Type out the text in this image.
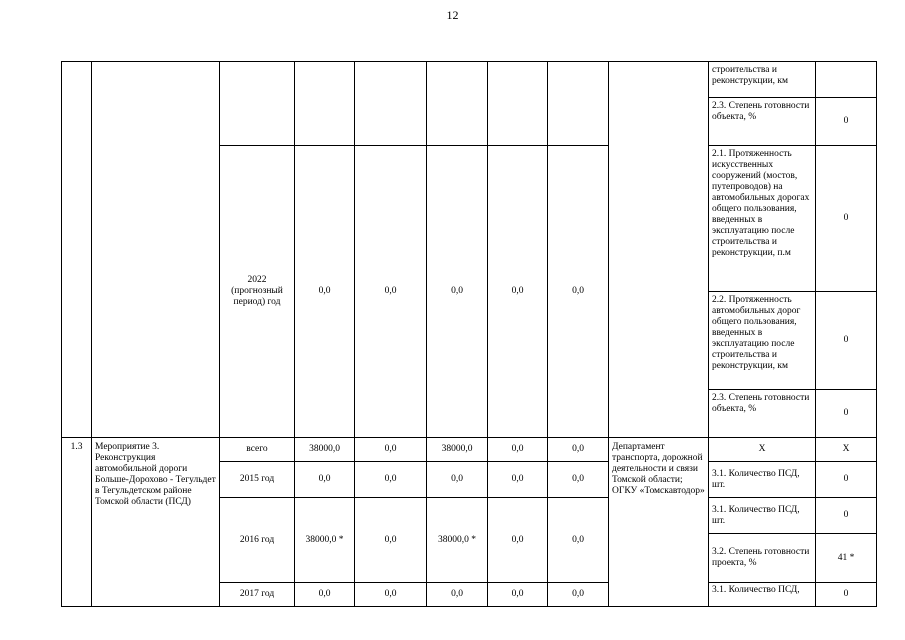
12
									строительства и реконструкции, км	
									2.3. Степень готовности объекта, %	0
		2022 (прогнозный период) год	0,0	0,0	0,0	0,0	0,0		2.1. Протяженность искусственных сооружений (мостов, путепроводов) на автомобильных дорогах общего пользования, введенных в эксплуатацию после строительства и реконструкции, п.м	0
									2.2. Протяженность автомобильных дорог общего пользования, введенных в эксплуатацию после строительства и реконструкции, км	0
									2.3. Степень готовности объекта, %	0
1.3	Мероприятие 3. Реконструкция автомобильной дороги Больше-Дорохово - Тегульдет в Тегульдетском районе Томской области (ПСД)	всего	38000,0	0,0	38000,0	0,0	0,0	Департамент транспорта, дорожной деятельности и связи Томской области; ОГКУ «Томскавтодор»	X	X
		2015 год	0,0	0,0	0,0	0,0	0,0		3.1. Количество ПСД, шт.	0
		2016 год	38000,0 *	0,0	38000,0 *	0,0	0,0		3.1. Количество ПСД, шт.	0
									3.2. Степень готовности проекта, %	41 *
		2017 год	0,0	0,0	0,0	0,0	0,0		3.1. Количество ПСД,	0
